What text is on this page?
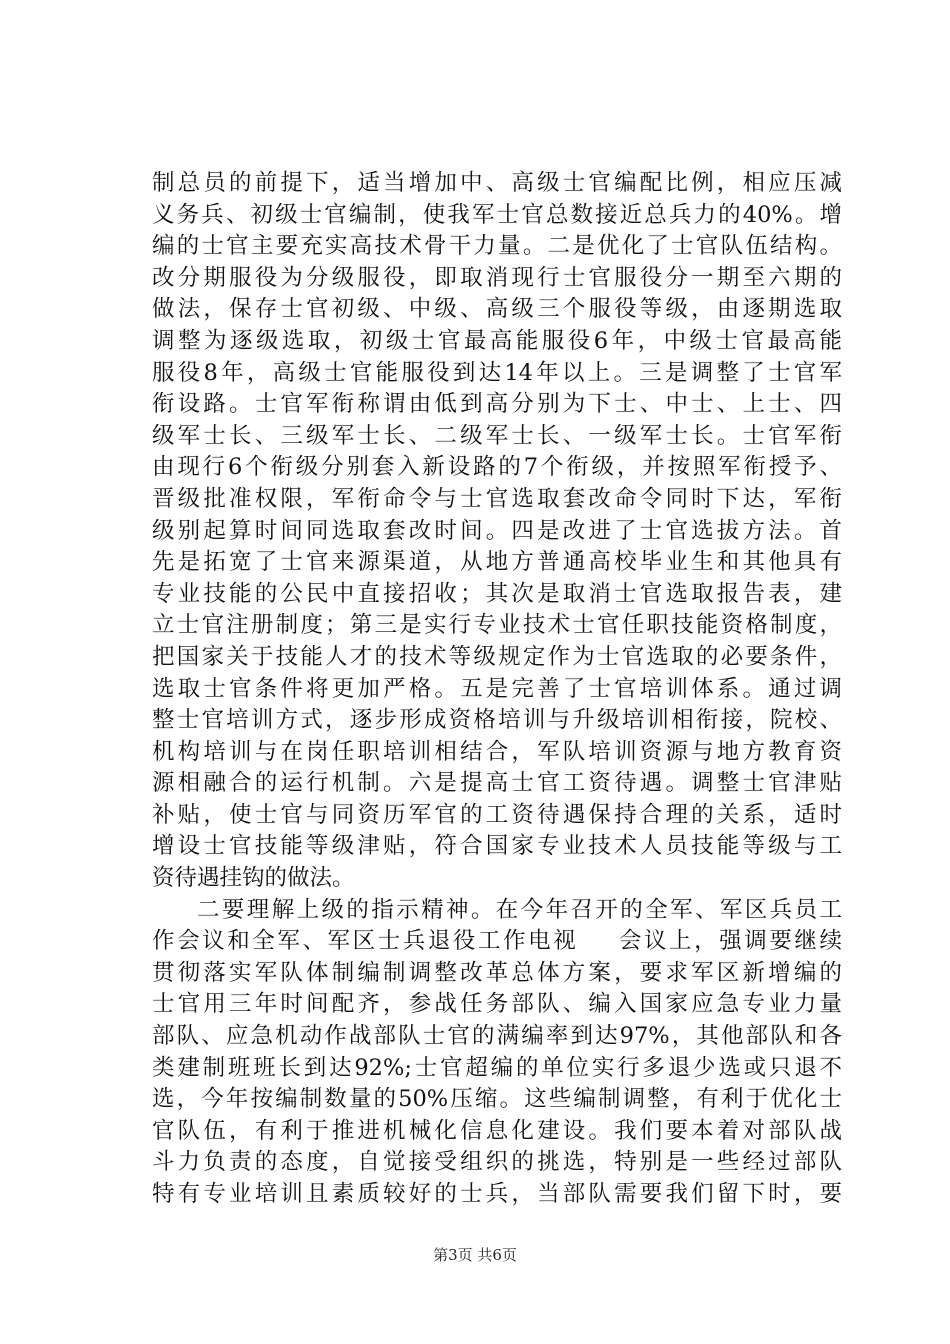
制总员的前提下，适当增加中、高级士官编配比例，相应压减
义务兵、初级士官编制，使我军士官总数接近总兵力的40%。增
编的士官主要充实高技术骨干力量。二是优化了士官队伍结构。
改分期服役为分级服役，即取消现行士官服役分一期至六期的
做法，保存士官初级、中级、高级三个服役等级，由逐期选取
调整为逐级选取，初级士官最高能服役6年，中级士官最高能
服役8年，高级士官能服役到达14年以上。三是调整了士官军
衔设路。士官军衔称谓由低到高分别为下士、中士、上士、四
级军士长、三级军士长、二级军士长、一级军士长。士官军衔
由现行6个衔级分别套入新设路的7个衔级，并按照军衔授予、
晋级批准权限，军衔命令与士官选取套改命令同时下达，军衔
级别起算时间同选取套改时间。四是改进了士官选拔方法。首
先是拓宽了士官来源渠道，从地方普通高校毕业生和其他具有
专业技能的公民中直接招收；其次是取消士官选取报告表，建
立士官注册制度；第三是实行专业技术士官任职技能资格制度，
把国家关于技能人才的技术等级规定作为士官选取的必要条件，
选取士官条件将更加严格。五是完善了士官培训体系。通过调
整士官培训方式，逐步形成资格培训与升级培训相衔接，院校、
机构培训与在岗任职培训相结合，军队培训资源与地方教育资
源相融合的运行机制。六是提高士官工资待遇。调整士官津贴
补贴，使士官与同资历军官的工资待遇保持合理的关系，适时
增设士官技能等级津贴，符合国家专业技术人员技能等级与工
资待遇挂钩的做法。
二要理解上级的指示精神。在今年召开的全军、军区兵员工
作会议和全军、军区士兵退役工作电视 会议上，强调要继续
贯彻落实军队体制编制调整改革总体方案，要求军区新增编的
士官用三年时间配齐，参战任务部队、编入国家应急专业力量
部队、应急机动作战部队士官的满编率到达97%，其他部队和各
类建制班班长到达92%;士官超编的单位实行多退少选或只退不
选，今年按编制数量的50%压缩。这些编制调整，有利于优化士
官队伍，有利于推进机械化信息化建设。我们要本着对部队战
斗力负责的态度，自觉接受组织的挑选，特别是一些经过部队
特有专业培训且素质较好的士兵，当部队需要我们留下时，要
第3页 共6页
